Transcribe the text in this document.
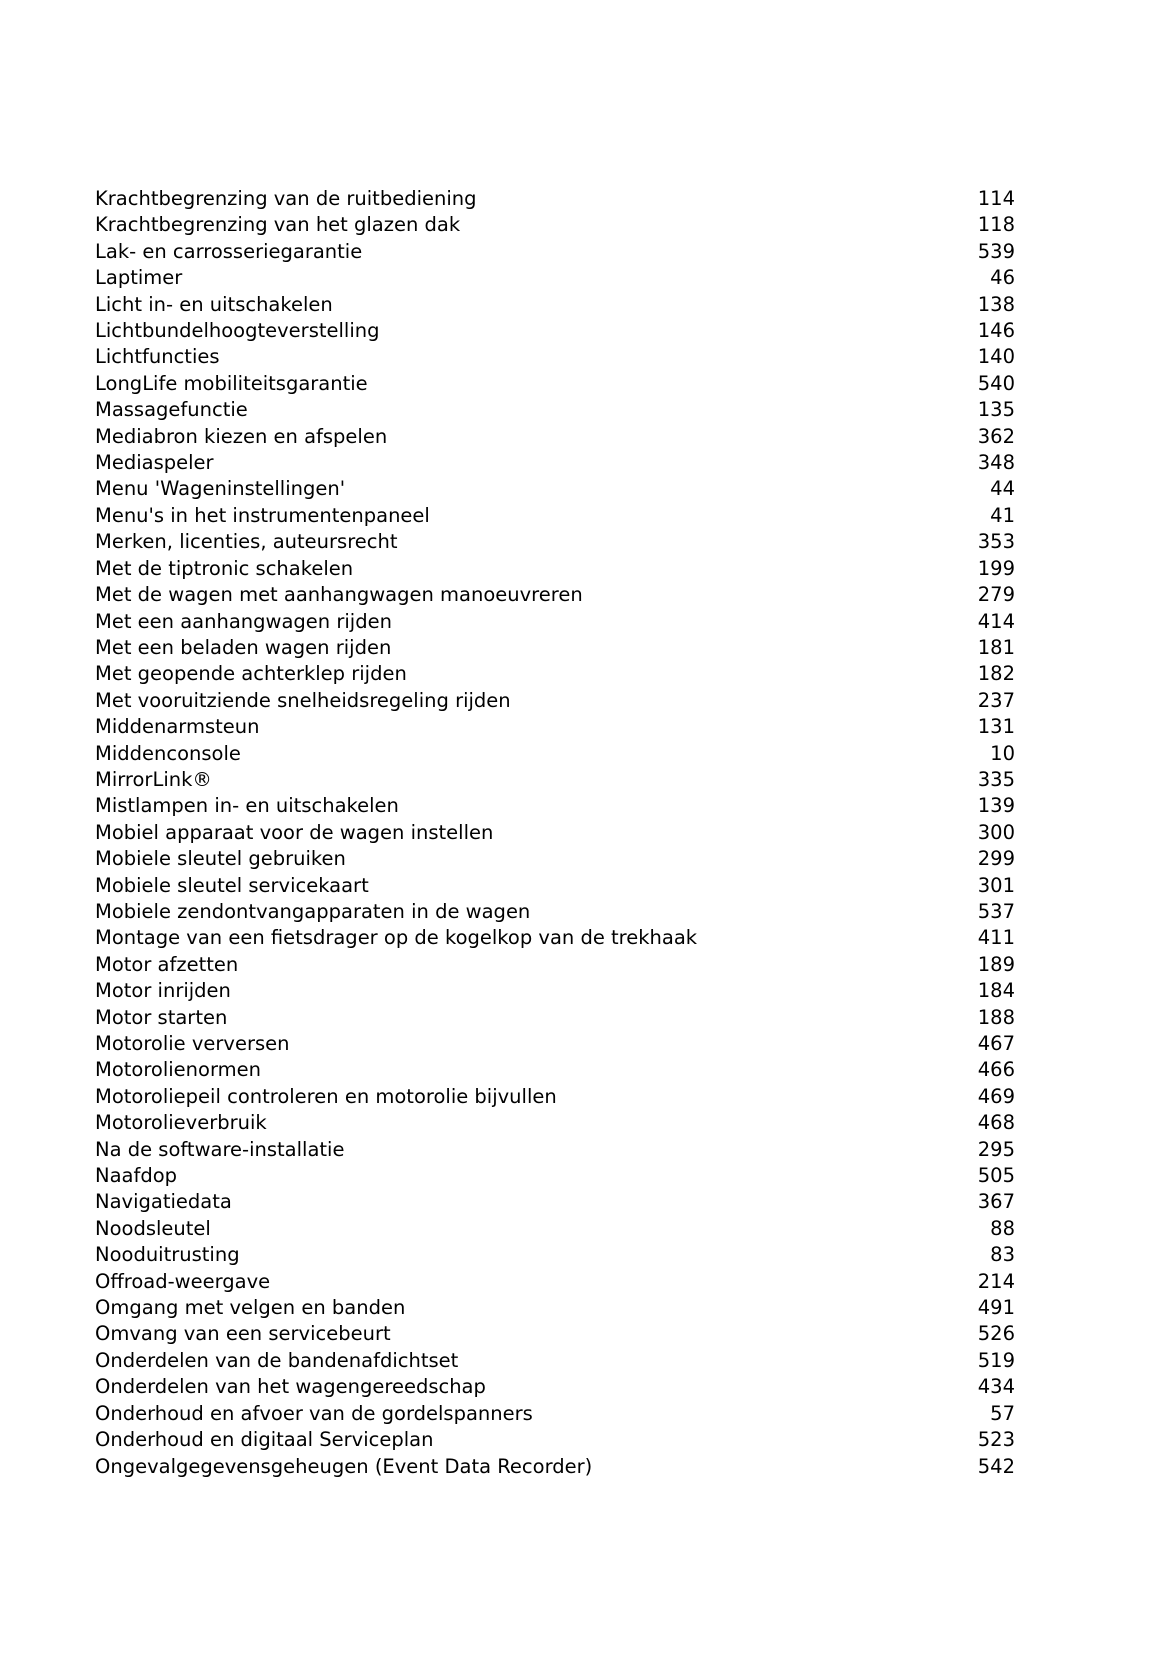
Krachtbegrenzing van de ruitbediening - - -	114
Krachtbegrenzing van het glazen dak - - -	118
Lak- en carrosseriegarantie - - -	539
Laptimer - - -	46
Licht in- en uitschakelen - - -	138
Lichtbundelhoogteverstelling - - -	146
Lichtfuncties - - -	140
LongLife mobiliteitsgarantie - - -	540
Massagefunctie - - -	135
Mediabron kiezen en afspelen - - -	362
Mediaspeler - - -	348
Menu 'Wageninstellingen' - - -	44
Menu's in het instrumentenpaneel - - -	41
Merken, licenties, auteursrecht - - -	353
Met de tiptronic schakelen - - -	199
Met de wagen met aanhangwagen manoeuvreren - - -	279
Met een aanhangwagen rijden - - -	414
Met een beladen wagen rijden - - -	181
Met geopende achterklep rijden - - -	182
Met vooruitziende snelheidsregeling rijden - - -	237
Middenarmsteun - - -	131
Middenconsole - - -	10
MirrorLink® - - -	335
Mistlampen in- en uitschakelen - - -	139
Mobiel apparaat voor de wagen instellen - - -	300
Mobiele sleutel gebruiken - - -	299
Mobiele sleutel servicekaart - - -	301
Mobiele zendontvangapparaten in de wagen - - -	537
Montage van een fietsdrager op de kogelkop van de trekhaak - - -	411
Motor afzetten - - -	189
Motor inrijden - - -	184
Motor starten - - -	188
Motorolie verversen - - -	467
Motorolienormen - - -	466
Motoroliepeil controleren en motorolie bijvullen - - -	469
Motorolieverbruik - - -	468
Na de software-installatie - - -	295
Naafdop - - -	505
Navigatiedata - - -	367
Noodsleutel - - -	88
Nooduitrusting - - -	83
Offroad-weergave - - -	214
Omgang met velgen en banden - - -	491
Omvang van een servicebeurt - - -	526
Onderdelen van de bandenafdichtset - - -	519
Onderdelen van het wagengereedschap - - -	434
Onderhoud en afvoer van de gordelspanners - - -	57
Onderhoud en digitaal Serviceplan - - -	523
Ongevalgegevensgeheugen (Event Data Recorder) - - -	542
